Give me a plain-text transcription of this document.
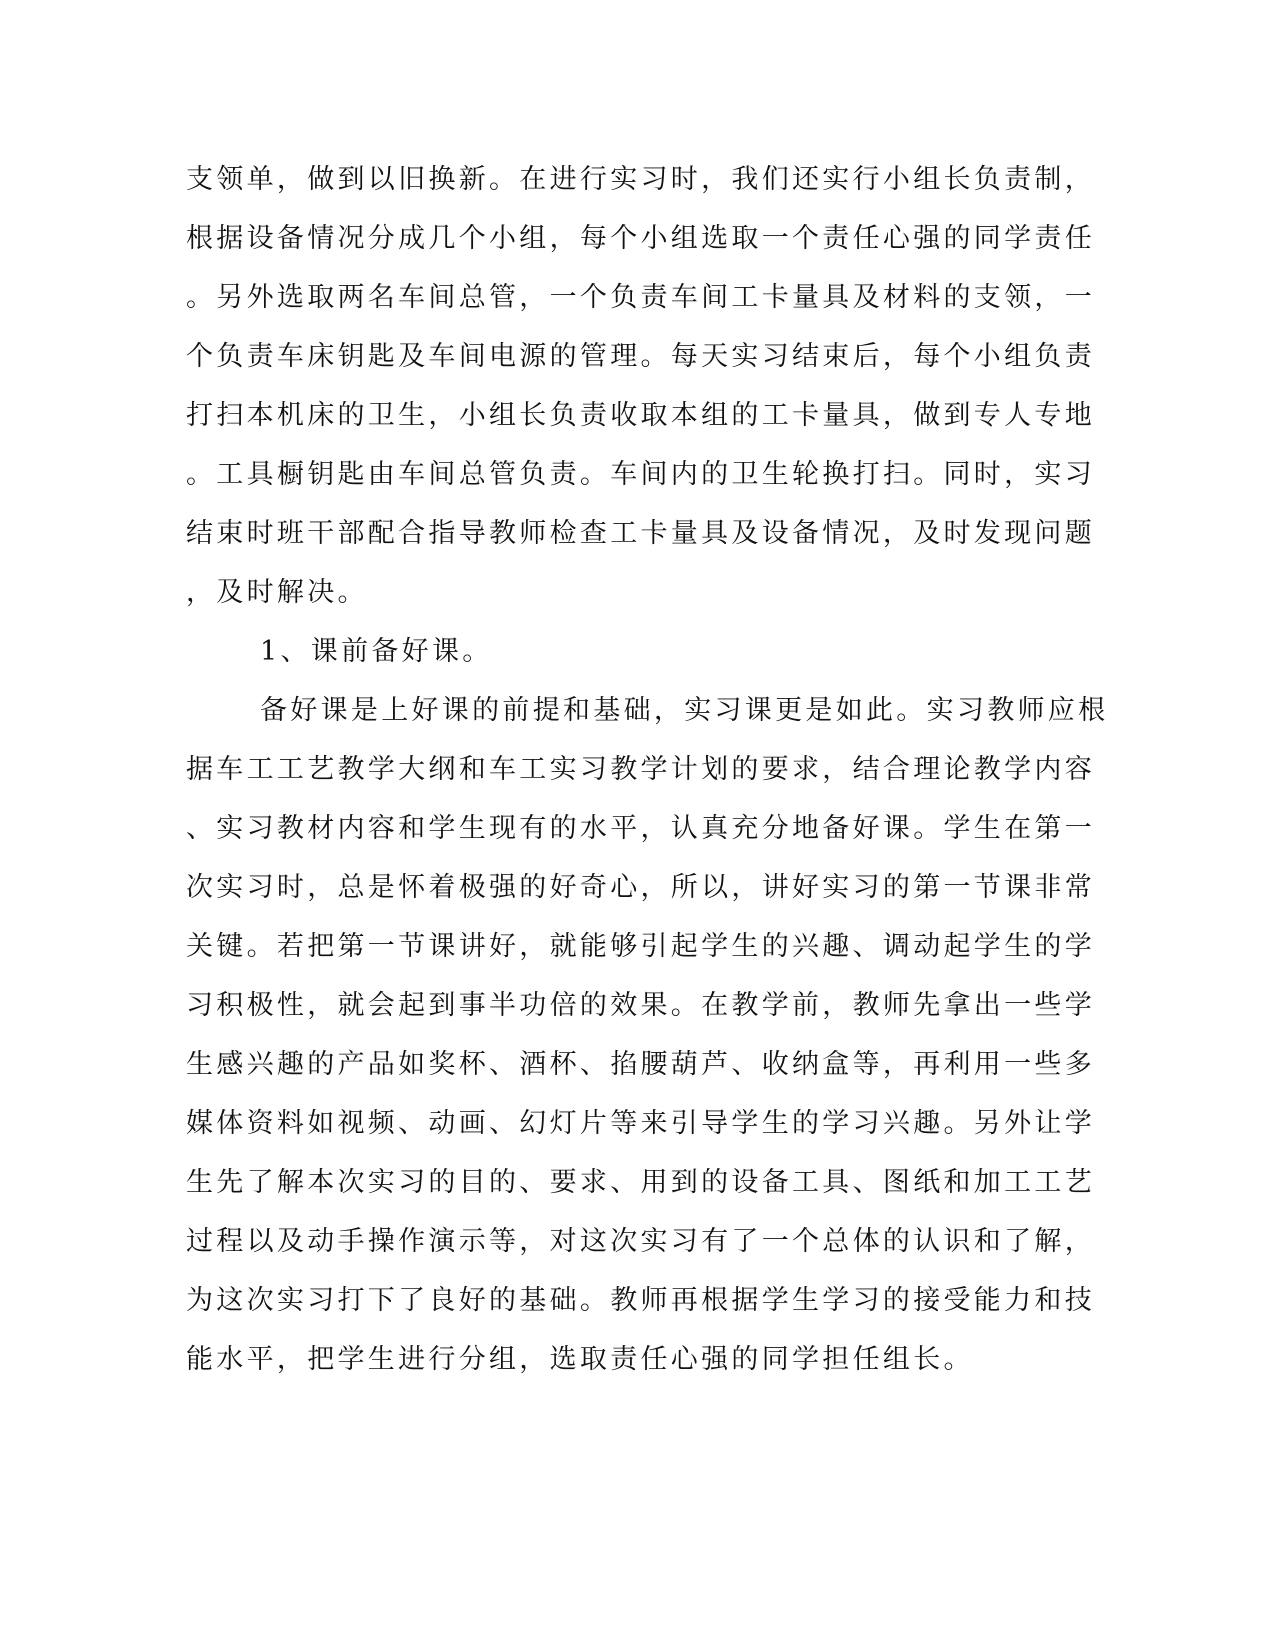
支领单，做到以旧换新。在进行实习时，我们还实行小组长负责制，
根据设备情况分成几个小组，每个小组选取一个责任心强的同学责任
。另外选取两名车间总管，一个负责车间工卡量具及材料的支领，一
个负责车床钥匙及车间电源的管理。每天实习结束后，每个小组负责
打扫本机床的卫生，小组长负责收取本组的工卡量具，做到专人专地
。工具橱钥匙由车间总管负责。车间内的卫生轮换打扫。同时，实习
结束时班干部配合指导教师检查工卡量具及设备情况，及时发现问题
，及时解决。
1、课前备好课。
备好课是上好课的前提和基础，实习课更是如此。实习教师应根
据车工工艺教学大纲和车工实习教学计划的要求，结合理论教学内容
、实习教材内容和学生现有的水平，认真充分地备好课。学生在第一
次实习时，总是怀着极强的好奇心，所以，讲好实习的第一节课非常
关键。若把第一节课讲好，就能够引起学生的兴趣、调动起学生的学
习积极性，就会起到事半功倍的效果。在教学前，教师先拿出一些学
生感兴趣的产品如奖杯、酒杯、掐腰葫芦、收纳盒等，再利用一些多
媒体资料如视频、动画、幻灯片等来引导学生的学习兴趣。另外让学
生先了解本次实习的目的、要求、用到的设备工具、图纸和加工工艺
过程以及动手操作演示等，对这次实习有了一个总体的认识和了解，
为这次实习打下了良好的基础。教师再根据学生学习的接受能力和技
能水平，把学生进行分组，选取责任心强的同学担任组长。
